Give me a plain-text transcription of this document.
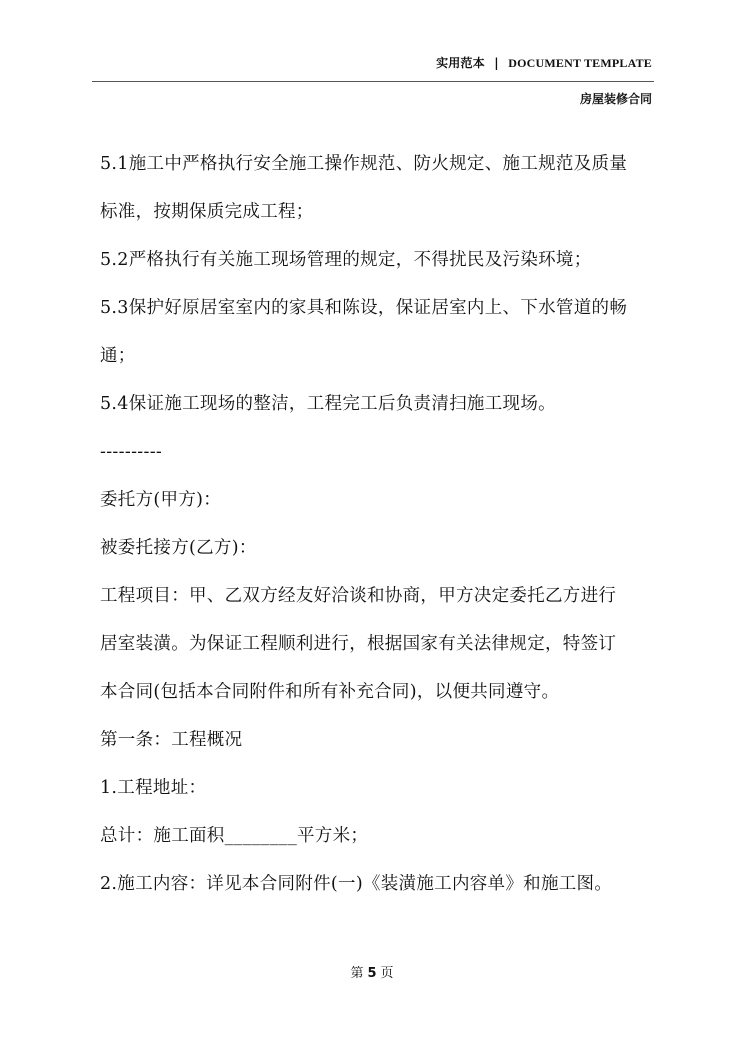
实用范本 | DOCUMENT TEMPLATE
房屋装修合同

5.1施工中严格执行安全施工操作规范、防火规定、施工规范及质量

标准，按期保质完成工程；

5.2严格执行有关施工现场管理的规定，不得扰民及污染环境；

5.3保护好原居室室内的家具和陈设，保证居室内上、下水管道的畅

通；

5.4保证施工现场的整洁，工程完工后负责清扫施工现场。

----------

委托方(甲方)：

被委托接方(乙方)：

工程项目：甲、乙双方经友好洽谈和协商，甲方决定委托乙方进行

居室装潢。为保证工程顺利进行，根据国家有关法律规定，特签订

本合同(包括本合同附件和所有补充合同)，以便共同遵守。

第一条：工程概况

1.工程地址：

总计：施工面积________平方米；

2.施工内容：详见本合同附件(一)《装潢施工内容单》和施工图。

第 5 页
